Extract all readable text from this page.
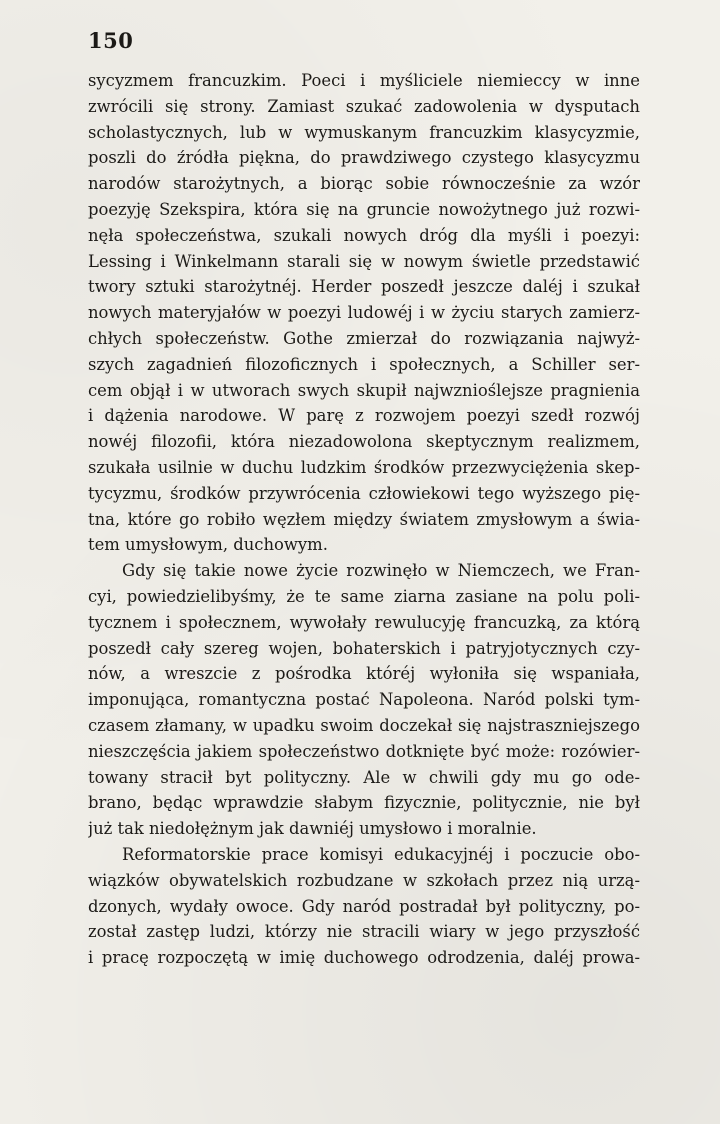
150
sycyzmem francuzkim. Poeci i myśliciele niemieccy w inne
zwrócili się strony. Zamiast szukać zadowolenia w dysputach
scholastycznych, lub w wymuskanym francuzkim klasycyzmie,
poszli do źródła piękna, do prawdziwego czystego klasycyzmu
narodów starożytnych, a biorąc sobie równocześnie za wzór
poezyję Szekspira, która się na gruncie nowożytnego już rozwi-
nęła społeczeństwa, szukali nowych dróg dla myśli i poezyi:
Lessing i Winkelmann starali się w nowym świetle przedstawić
twory sztuki starożytnéj. Herder poszedł jeszcze daléj i szukał
nowych materyjałów w poezyi ludowéj i w życiu starych zamierz-
chłych społeczeństw. Gothe zmierzał do rozwiązania najwyż-
szych zagadnień filozoficznych i społecznych, a Schiller ser-
cem objął i w utworach swych skupił najwznioślejsze pragnienia
i dążenia narodowe. W parę z rozwojem poezyi szedł rozwój
nowéj filozofii, która niezadowolona skeptycznym realizmem,
szukała usilnie w duchu ludzkim środków przezwyciężenia skep-
tycyzmu, środków przywrócenia człowiekowi tego wyższego pię-
tna, które go robiło węzłem między światem zmysłowym a świa-
tem umysłowym, duchowym.
Gdy się takie nowe życie rozwinęło w Niemczech, we Fran-
cyi, powiedzielibyśmy, że te same ziarna zasiane na polu poli-
tycznem i społecznem, wywołały rewulucyję francuzką, za którą
poszedł cały szereg wojen, bohaterskich i patryjotycznych czy-
nów, a wreszcie z pośrodka któréj wyłoniła się wspaniała,
imponująca, romantyczna postać Napoleona. Naród polski tym-
czasem złamany, w upadku swoim doczekał się najstraszniejszego
nieszczęścia jakiem społeczeństwo dotknięte być może: rozówier-
towany stracił byt polityczny. Ale w chwili gdy mu go ode-
brano, będąc wprawdzie słabym fizycznie, politycznie, nie był
już tak niedołężnym jak dawniéj umysłowo i moralnie.
Reformatorskie prace komisyi edukacyjnéj i poczucie obo-
wiązków obywatelskich rozbudzane w szkołach przez nią urzą-
dzonych, wydały owoce. Gdy naród postradał był polityczny, po-
został zastęp ludzi, którzy nie stracili wiary w jego przyszłość
i pracę rozpoczętą w imię duchowego odrodzenia, daléj prowa-
